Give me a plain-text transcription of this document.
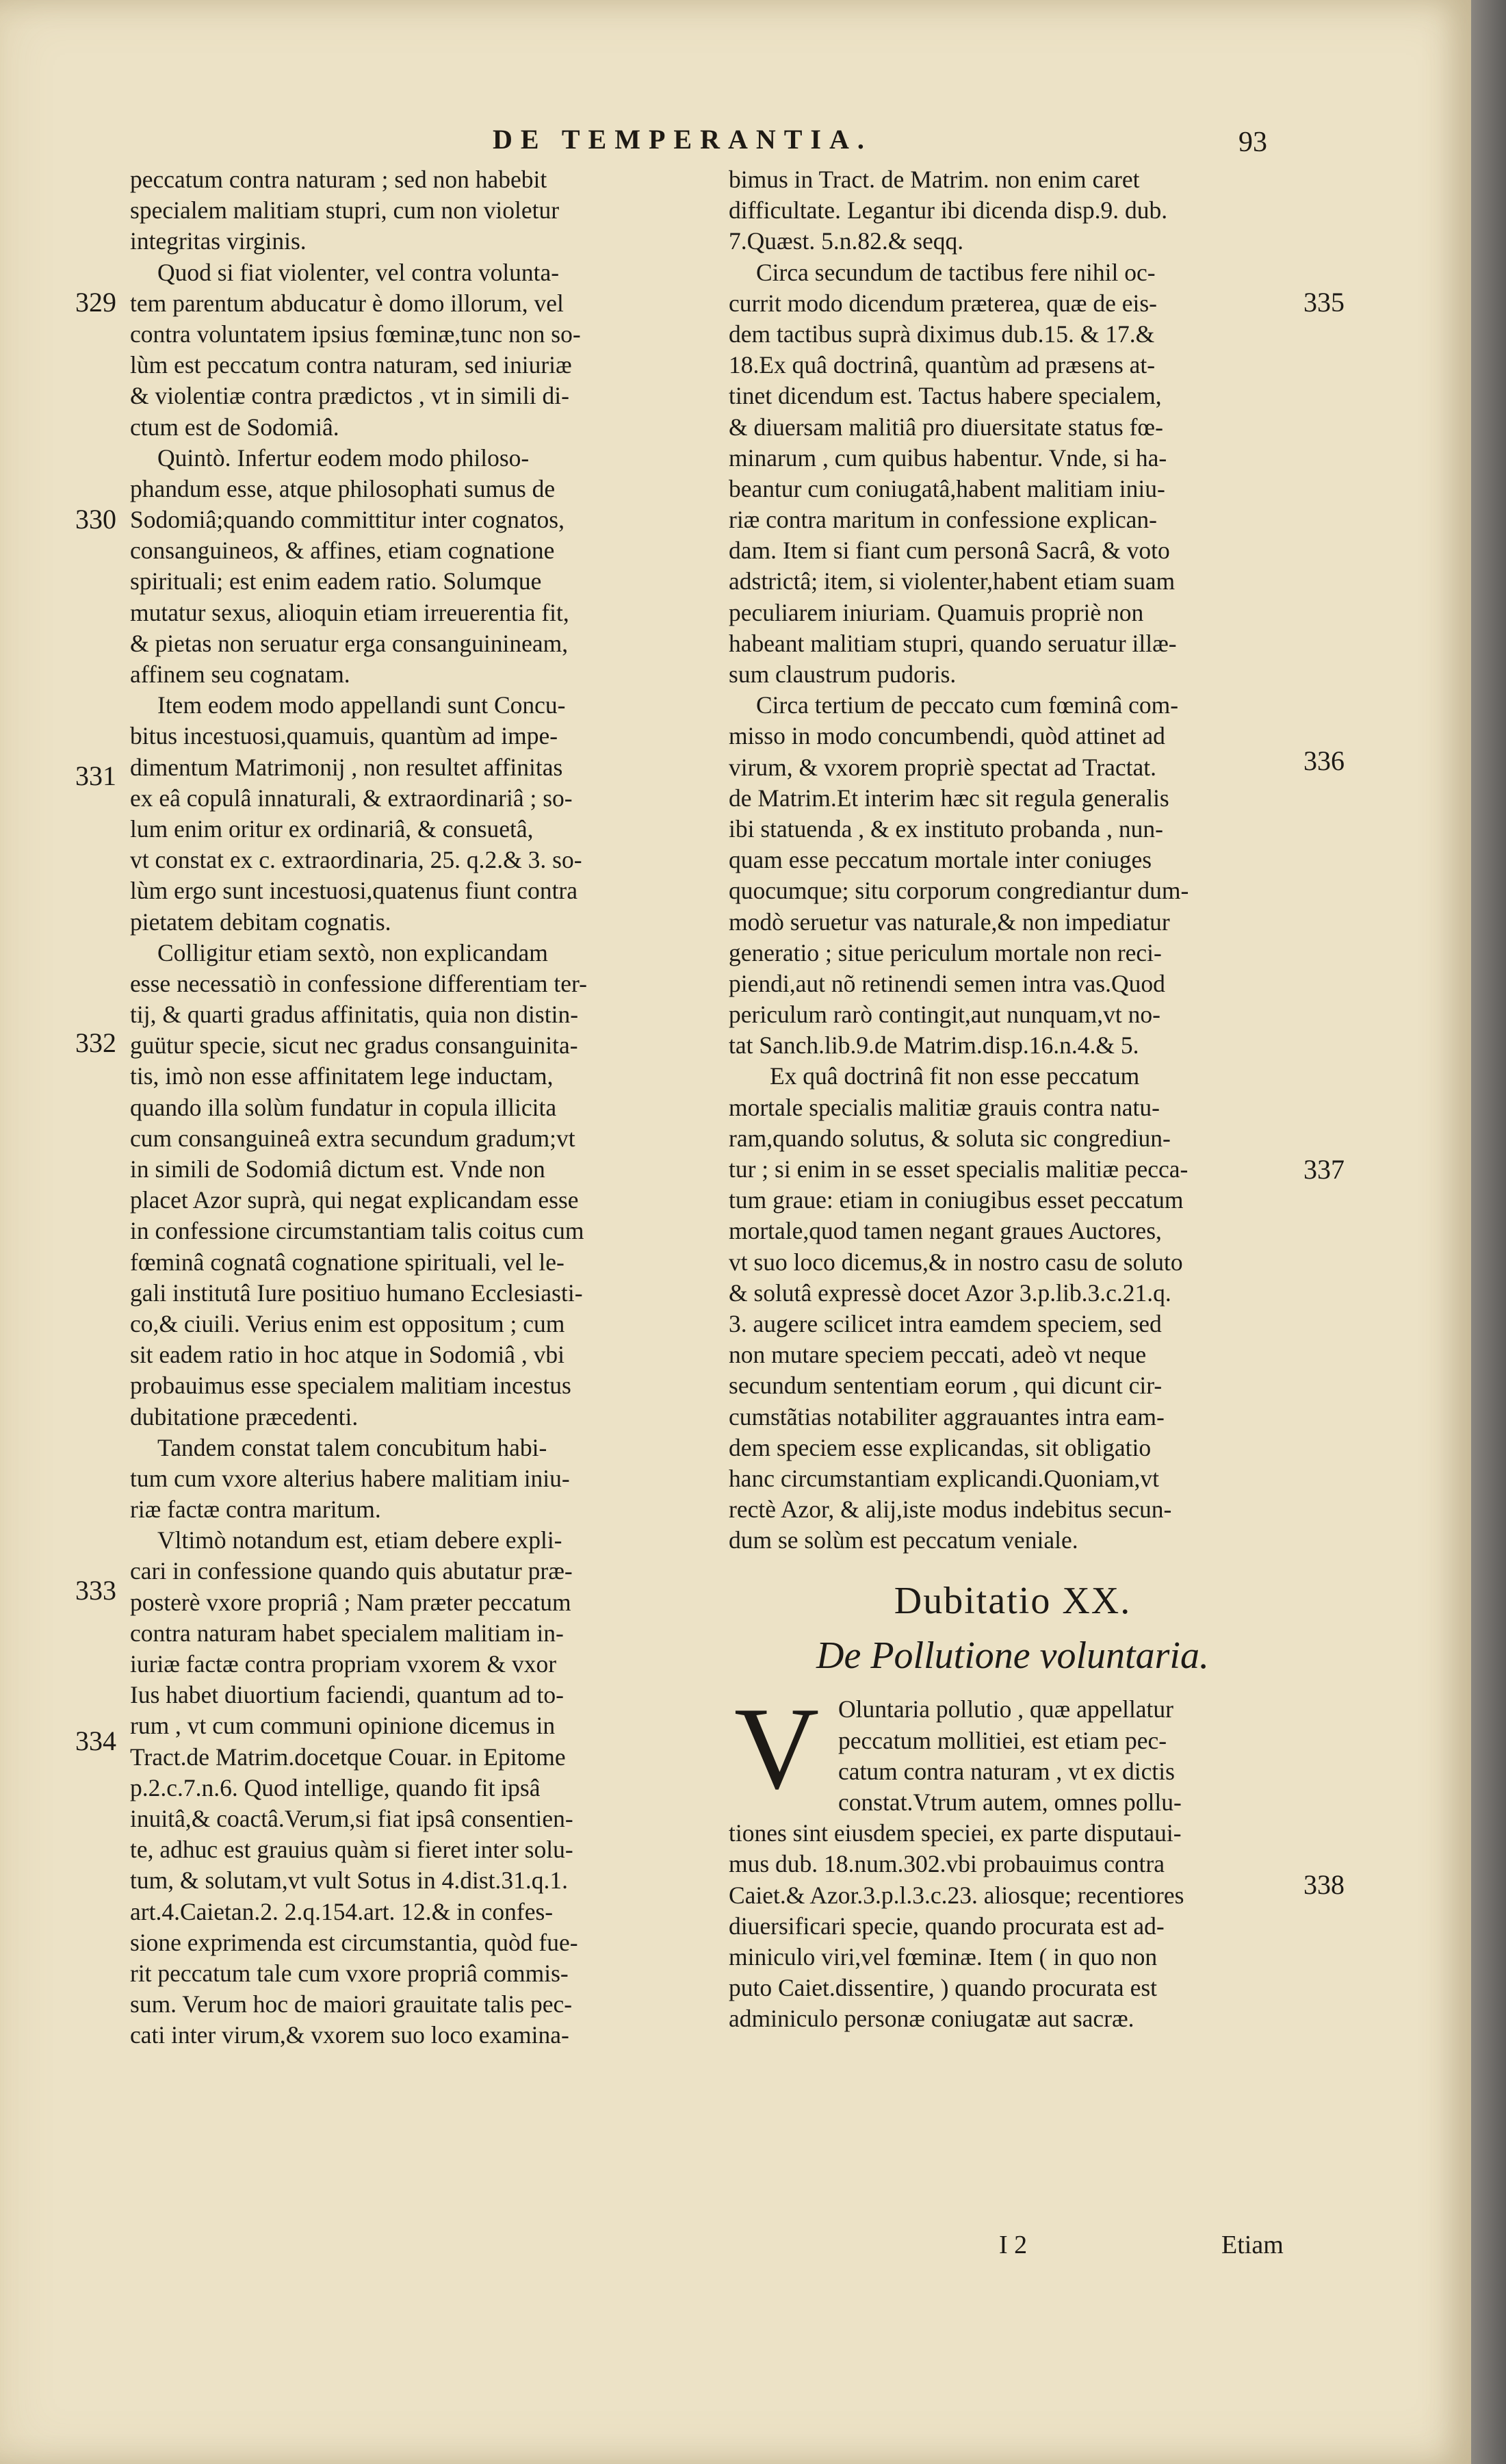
DE TEMPERANTIA.	93
329
330
331
332
333
334
335
336
337
338
peccatum contra naturam ; sed non habebit
specialem malitiam stupri, cum non violetur
integritas virginis.
Quod si fiat violenter, vel contra volunta-
tem parentum abducatur è domo illorum, vel
contra voluntatem ipsius fœminæ,tunc non so-
lùm est peccatum contra naturam, sed iniuriæ
& violentiæ contra prædictos , vt in simili di-
ctum est de Sodomiâ.
Quintò. Infertur eodem modo philoso-
phandum esse, atque philosophati sumus de
Sodomiâ;quando committitur inter cognatos,
consanguineos, & affines, etiam cognatione
spirituali; est enim eadem ratio. Solumque
mutatur sexus, alioquin etiam irreuerentia fit,
& pietas non seruatur erga consanguinineam,
affinem seu cognatam.
Item eodem modo appellandi sunt Concu-
bitus incestuosi,quamuis, quantùm ad impe-
dimentum Matrimonij , non resultet affinitas
ex eâ copulâ innaturali, & extraordinariâ ; so-
lum enim oritur ex ordinariâ, & consuetâ,
vt constat ex c. extraordinaria, 25. q.2.& 3. so-
lùm ergo sunt incestuosi,quatenus fiunt contra
pietatem debitam cognatis.
Colligitur etiam sextò, non explicandam
esse necessatiò in confessione differentiam ter-
tij, & quarti gradus affinitatis, quia non distin-
guütur specie, sicut nec gradus consanguinita-
tis, imò non esse affinitatem lege inductam,
quando illa solùm fundatur in copula illicita
cum consanguineâ extra secundum gradum;vt
in simili de Sodomiâ dictum est. Vnde non
placet Azor suprà, qui negat explicandam esse
in confessione circumstantiam talis coitus cum
fœminâ cognatâ cognatione spirituali, vel le-
gali institutâ Iure positiuo humano Ecclesiasti-
co,& ciuili. Verius enim est oppositum ; cum
sit eadem ratio in hoc atque in Sodomiâ , vbi
probauimus esse specialem malitiam incestus
dubitatione præcedenti.
Tandem constat talem concubitum habi-
tum cum vxore alterius habere malitiam iniu-
riæ factæ contra maritum.
Vltimò notandum est, etiam debere expli-
cari in confessione quando quis abutatur præ-
posterè vxore propriâ ; Nam præter peccatum
contra naturam habet specialem malitiam in-
iuriæ factæ contra propriam vxorem & vxor
Ius habet diuortium faciendi, quantum ad to-
rum , vt cum communi opinione dicemus in
Tract.de Matrim.docetque Couar. in Epitome
p.2.c.7.n.6. Quod intellige, quando fit ipsâ
inuitâ,& coactâ.Verum,si fiat ipsâ consentien-
te, adhuc est grauius quàm si fieret inter solu-
tum, & solutam,vt vult Sotus in 4.dist.31.q.1.
art.4.Caietan.2. 2.q.154.art. 12.& in confes-
sione exprimenda est circumstantia, quòd fue-
rit peccatum tale cum vxore propriâ commis-
sum. Verum hoc de maiori grauitate talis pec-
cati inter virum,& vxorem suo loco examina-
bimus in Tract. de Matrim. non enim caret
difficultate. Legantur ibi dicenda disp.9. dub.
7.Quæst. 5.n.82.& seqq.
Circa secundum de tactibus fere nihil oc-
currit modo dicendum præterea, quæ de eis-
dem tactibus suprà diximus dub.15. & 17.&
18.Ex quâ doctrinâ, quantùm ad præsens at-
tinet dicendum est. Tactus habere specialem,
& diuersam malitiâ pro diuersitate status fœ-
minarum , cum quibus habentur. Vnde, si ha-
beantur cum coniugatâ,habent malitiam iniu-
riæ contra maritum in confessione explican-
dam. Item si fiant cum personâ Sacrâ, & voto
adstrictâ; item, si violenter,habent etiam suam
peculiarem iniuriam. Quamuis propriè non
habeant malitiam stupri, quando seruatur illæ-
sum claustrum pudoris.
Circa tertium de peccato cum fœminâ com-
misso in modo concumbendi, quòd attinet ad
virum, & vxorem propriè spectat ad Tractat.
de Matrim.Et interim hæc sit regula generalis
ibi statuenda , & ex instituto probanda , nun-
quam esse peccatum mortale inter coniuges
quocumque; situ corporum congrediantur dum-
modò seruetur vas naturale,& non impediatur
generatio ; situe periculum mortale non reci-
piendi,aut nõ retinendi semen intra vas.Quod
periculum rarò contingit,aut nunquam,vt no-
tat Sanch.lib.9.de Matrim.disp.16.n.4.& 5.
Ex quâ doctrinâ fit non esse peccatum
mortale specialis malitiæ grauis contra natu-
ram,quando solutus, & soluta sic congrediun-
tur ; si enim in se esset specialis malitiæ pecca-
tum graue: etiam in coniugibus esset peccatum
mortale,quod tamen negant graues Auctores,
vt suo loco dicemus,& in nostro casu de soluto
& solutâ expressè docet Azor 3.p.lib.3.c.21.q.
3. augere scilicet intra eamdem speciem, sed
non mutare speciem peccati, adeò vt neque
secundum sententiam eorum , qui dicunt cir-
cumstãtias notabiliter aggrauantes intra eam-
dem speciem esse explicandas, sit obligatio
hanc circumstantiam explicandi.Quoniam,vt
rectè Azor, & alij,iste modus indebitus secun-
dum se solùm est peccatum veniale.
Dubitatio XX.
De Pollutione voluntaria.
V Oluntaria pollutio , quæ appellatur
peccatum mollitiei, est etiam pec-
catum contra naturam , vt ex dictis
constat.Vtrum autem, omnes pollu-
tiones sint eiusdem speciei, ex parte disputaui-
mus dub. 18.num.302.vbi probauimus contra
Caiet.& Azor.3.p.l.3.c.23. aliosque; recentiores
diuersificari specie, quando procurata est ad-
miniculo viri,vel fœminæ. Item ( in quo non
puto Caiet.dissentire, ) quando procurata est
adminiculo personæ coniugatæ aut sacræ.
I 2	Etiam
